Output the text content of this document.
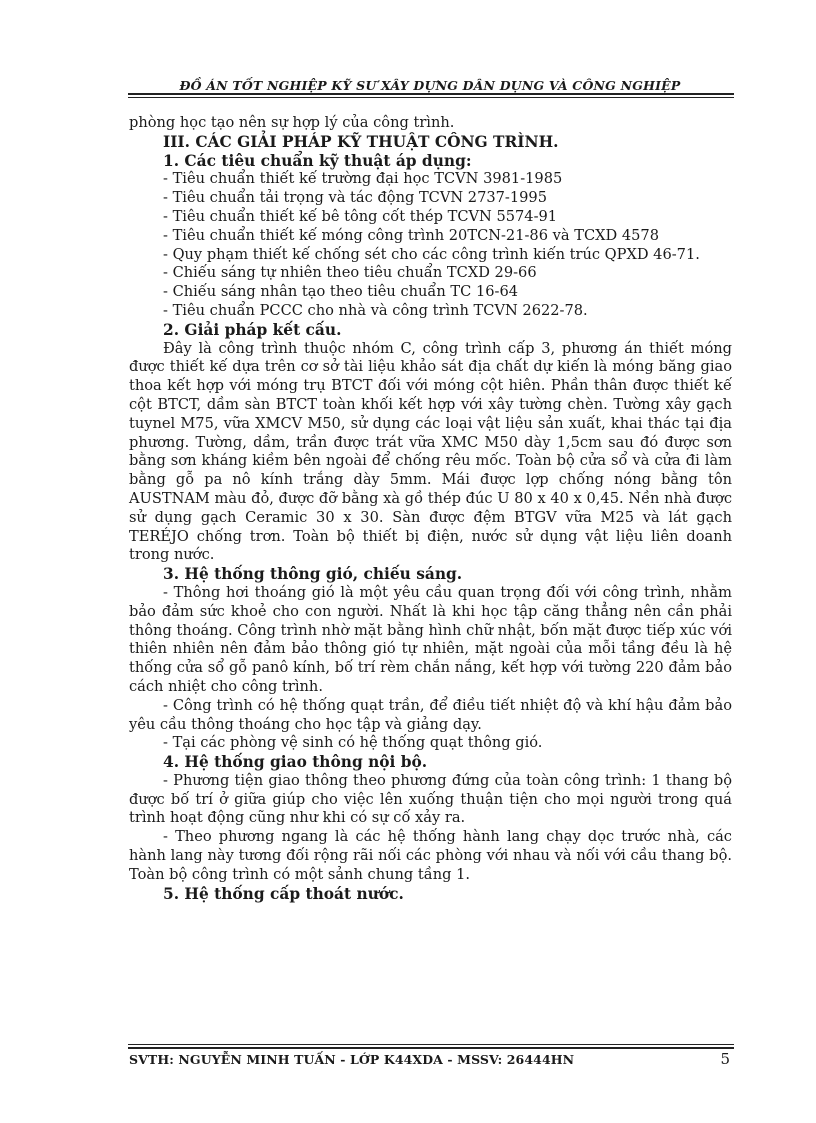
ĐỒ ÁN TỐT NGHIỆP KỸ SƯ XÂY DỰNG DÂN DỤNG VÀ CÔNG NGHIỆP

phòng học tạo nên sự hợp lý của công trình.

III. CÁC GIẢI PHÁP KỸ THUẬT CÔNG TRÌNH.

1. Các tiêu chuẩn kỹ thuật áp dụng:

- Tiêu chuẩn thiết kế trường đại học TCVN 3981-1985

- Tiêu chuẩn tải trọng và tác động TCVN 2737-1995

- Tiêu chuẩn thiết kế bê tông cốt thép TCVN 5574-91

- Tiêu chuẩn thiết kế móng công trình 20TCN-21-86 và TCXD 4578

- Quy phạm thiết kế chống sét cho các công trình kiến trúc QPXD 46-71.

- Chiếu sáng tự nhiên theo tiêu chuẩn TCXD 29-66

- Chiếu sáng nhân tạo theo tiêu chuẩn TC 16-64

- Tiêu chuẩn PCCC cho nhà và công trình TCVN 2622-78.

2. Giải pháp kết cấu.

Đây là công trình thuộc nhóm C, công trình cấp 3, phương án thiết móng được thiết kế dựa trên cơ sở tài liệu khảo sát địa chất dự kiến là móng băng giao thoa kết hợp với móng trụ BTCT đối với móng cột hiên. Phần thân được thiết kế cột BTCT, dầm sàn BTCT toàn khối kết hợp với xây tường chèn. Tường xây gạch tuynel M75, vữa XMCV M50, sử dụng các loại vật liệu sản xuất, khai thác tại địa phương. Tường, dầm, trần được trát vữa XMC M50 dày 1,5cm sau đó được sơn bằng sơn kháng kiềm bên ngoài để chống rêu mốc. Toàn bộ cửa sổ và cửa đi làm bằng gỗ pa nô kính trắng dày 5mm. Mái được lợp chống nóng bằng tôn AUSTNAM màu đỏ, được đỡ bằng xà gồ thép đúc U 80 x 40 x 0,45. Nền nhà được sử dụng gạch Ceramic 30 x 30. Sàn được đệm BTGV vữa M25 và lát gạch TERÉJO chống trơn. Toàn bộ thiết bị điện, nước sử dụng vật liệu liên doanh trong nước.

3. Hệ thống thông gió, chiếu sáng.

- Thông hơi thoáng gió là một yêu cầu quan trọng đối với công trình, nhằm bảo đảm sức khoẻ cho con người. Nhất là khi học tập căng thẳng nên cần phải thông thoáng. Công trình nhờ mặt bằng hình chữ nhật, bốn mặt được tiếp xúc với thiên nhiên nên đảm bảo thông gió tự nhiên, mặt ngoài của mỗi tầng đều là hệ thống cửa sổ gỗ panô kính, bố trí rèm chắn nắng, kết hợp với tường 220 đảm bảo cách nhiệt cho công trình.

- Công trình có hệ thống quạt trần, để điều tiết nhiệt độ và khí hậu đảm bảo yêu cầu thông thoáng cho học tập và giảng dạy.

- Tại các phòng vệ sinh có hệ thống quạt thông gió.

4. Hệ thống giao thông nội bộ.

- Phương tiện giao thông theo phương đứng của toàn công trình: 1 thang bộ được bố trí ở giữa giúp cho việc lên xuống thuận tiện cho mọi người trong quá trình hoạt động cũng như khi có sự cố xảy ra.

- Theo phương ngang là các hệ thống hành lang chạy dọc trước nhà, các hành lang này tương đối rộng rãi nối các phòng với nhau và nối với cầu thang bộ. Toàn bộ công trình có một sảnh chung tầng 1.

5. Hệ thống cấp thoát nước.

SVTH: NGUYỄN MINH TUẤN - LỚP K44XDA - MSSV: 26444HN	5
